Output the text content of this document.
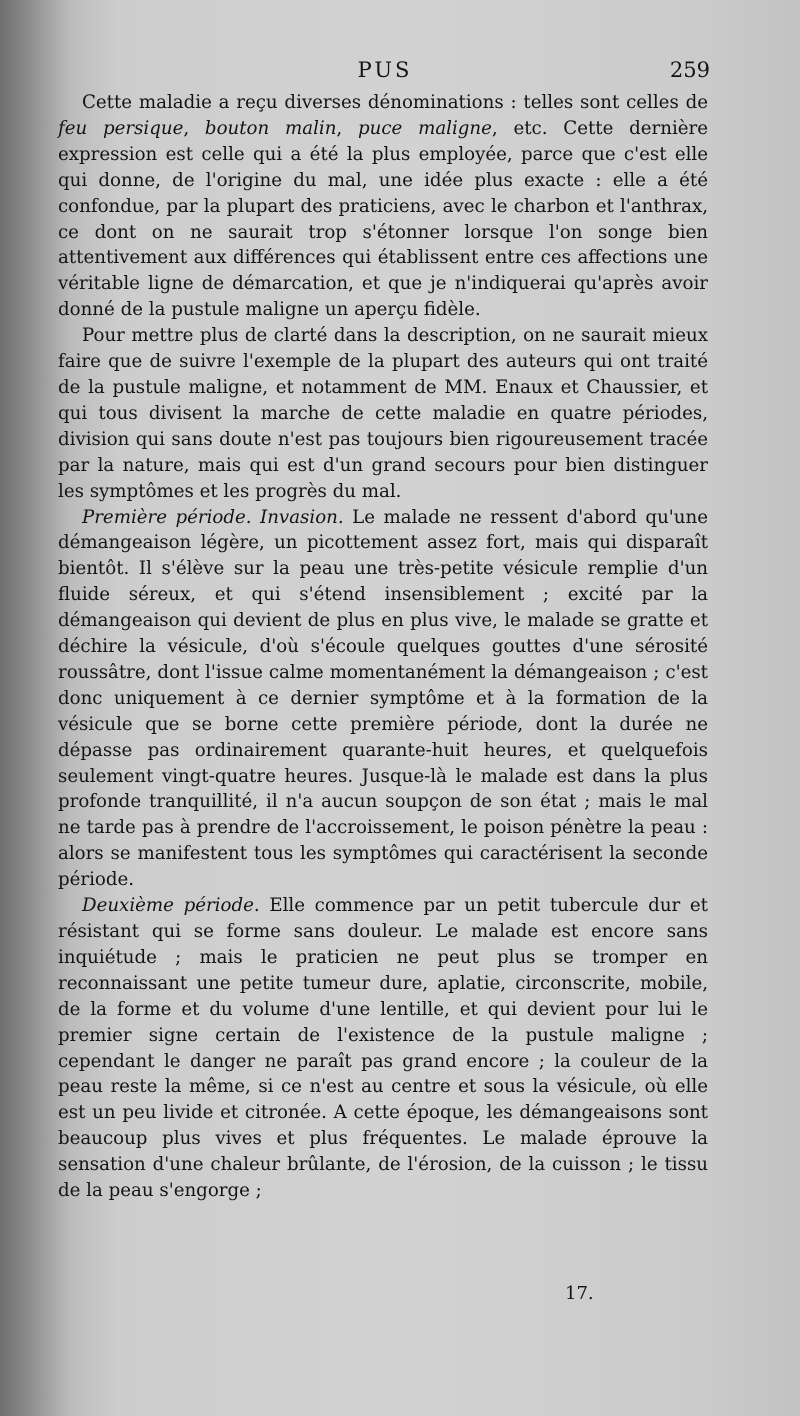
PUS	259

Cette maladie a reçu diverses dénominations : telles sont celles de feu persique, bouton malin, puce maligne, etc. Cette dernière expression est celle qui a été la plus employée, parce que c'est elle qui donne, de l'origine du mal, une idée plus exacte : elle a été confondue, par la plupart des praticiens, avec le charbon et l'anthrax, ce dont on ne saurait trop s'étonner lorsque l'on songe bien attentivement aux différences qui établissent entre ces affections une véritable ligne de démarcation, et que je n'indiquerai qu'après avoir donné de la pustule maligne un aperçu fidèle.

Pour mettre plus de clarté dans la description, on ne saurait mieux faire que de suivre l'exemple de la plupart des auteurs qui ont traité de la pustule maligne, et notamment de MM. Enaux et Chaussier, et qui tous divisent la marche de cette maladie en quatre périodes, division qui sans doute n'est pas toujours bien rigoureusement tracée par la nature, mais qui est d'un grand secours pour bien distinguer les symptômes et les progrès du mal.

Première période. Invasion. Le malade ne ressent d'abord qu'une démangeaison légère, un picottement assez fort, mais qui disparaît bientôt. Il s'élève sur la peau une très-petite vésicule remplie d'un fluide séreux, et qui s'étend insensiblement ; excité par la démangeaison qui devient de plus en plus vive, le malade se gratte et déchire la vésicule, d'où s'écoule quelques gouttes d'une sérosité roussâtre, dont l'issue calme momentanément la démangeaison ; c'est donc uniquement à ce dernier symptôme et à la formation de la vésicule que se borne cette première période, dont la durée ne dépasse pas ordinairement quarante-huit heures, et quelquefois seulement vingt-quatre heures. Jusque-là le malade est dans la plus profonde tranquillité, il n'a aucun soupçon de son état ; mais le mal ne tarde pas à prendre de l'accroissement, le poison pénètre la peau : alors se manifestent tous les symptômes qui caractérisent la seconde période.

Deuxième période. Elle commence par un petit tubercule dur et résistant qui se forme sans douleur. Le malade est encore sans inquiétude ; mais le praticien ne peut plus se tromper en reconnaissant une petite tumeur dure, aplatie, circonscrite, mobile, de la forme et du volume d'une lentille, et qui devient pour lui le premier signe certain de l'existence de la pustule maligne ; cependant le danger ne paraît pas grand encore ; la couleur de la peau reste la même, si ce n'est au centre et sous la vésicule, où elle est un peu livide et citronée. A cette époque, les démangeaisons sont beaucoup plus vives et plus fréquentes. Le malade éprouve la sensation d'une chaleur brûlante, de l'érosion, de la cuisson ; le tissu de la peau s'engorge ;

17.
